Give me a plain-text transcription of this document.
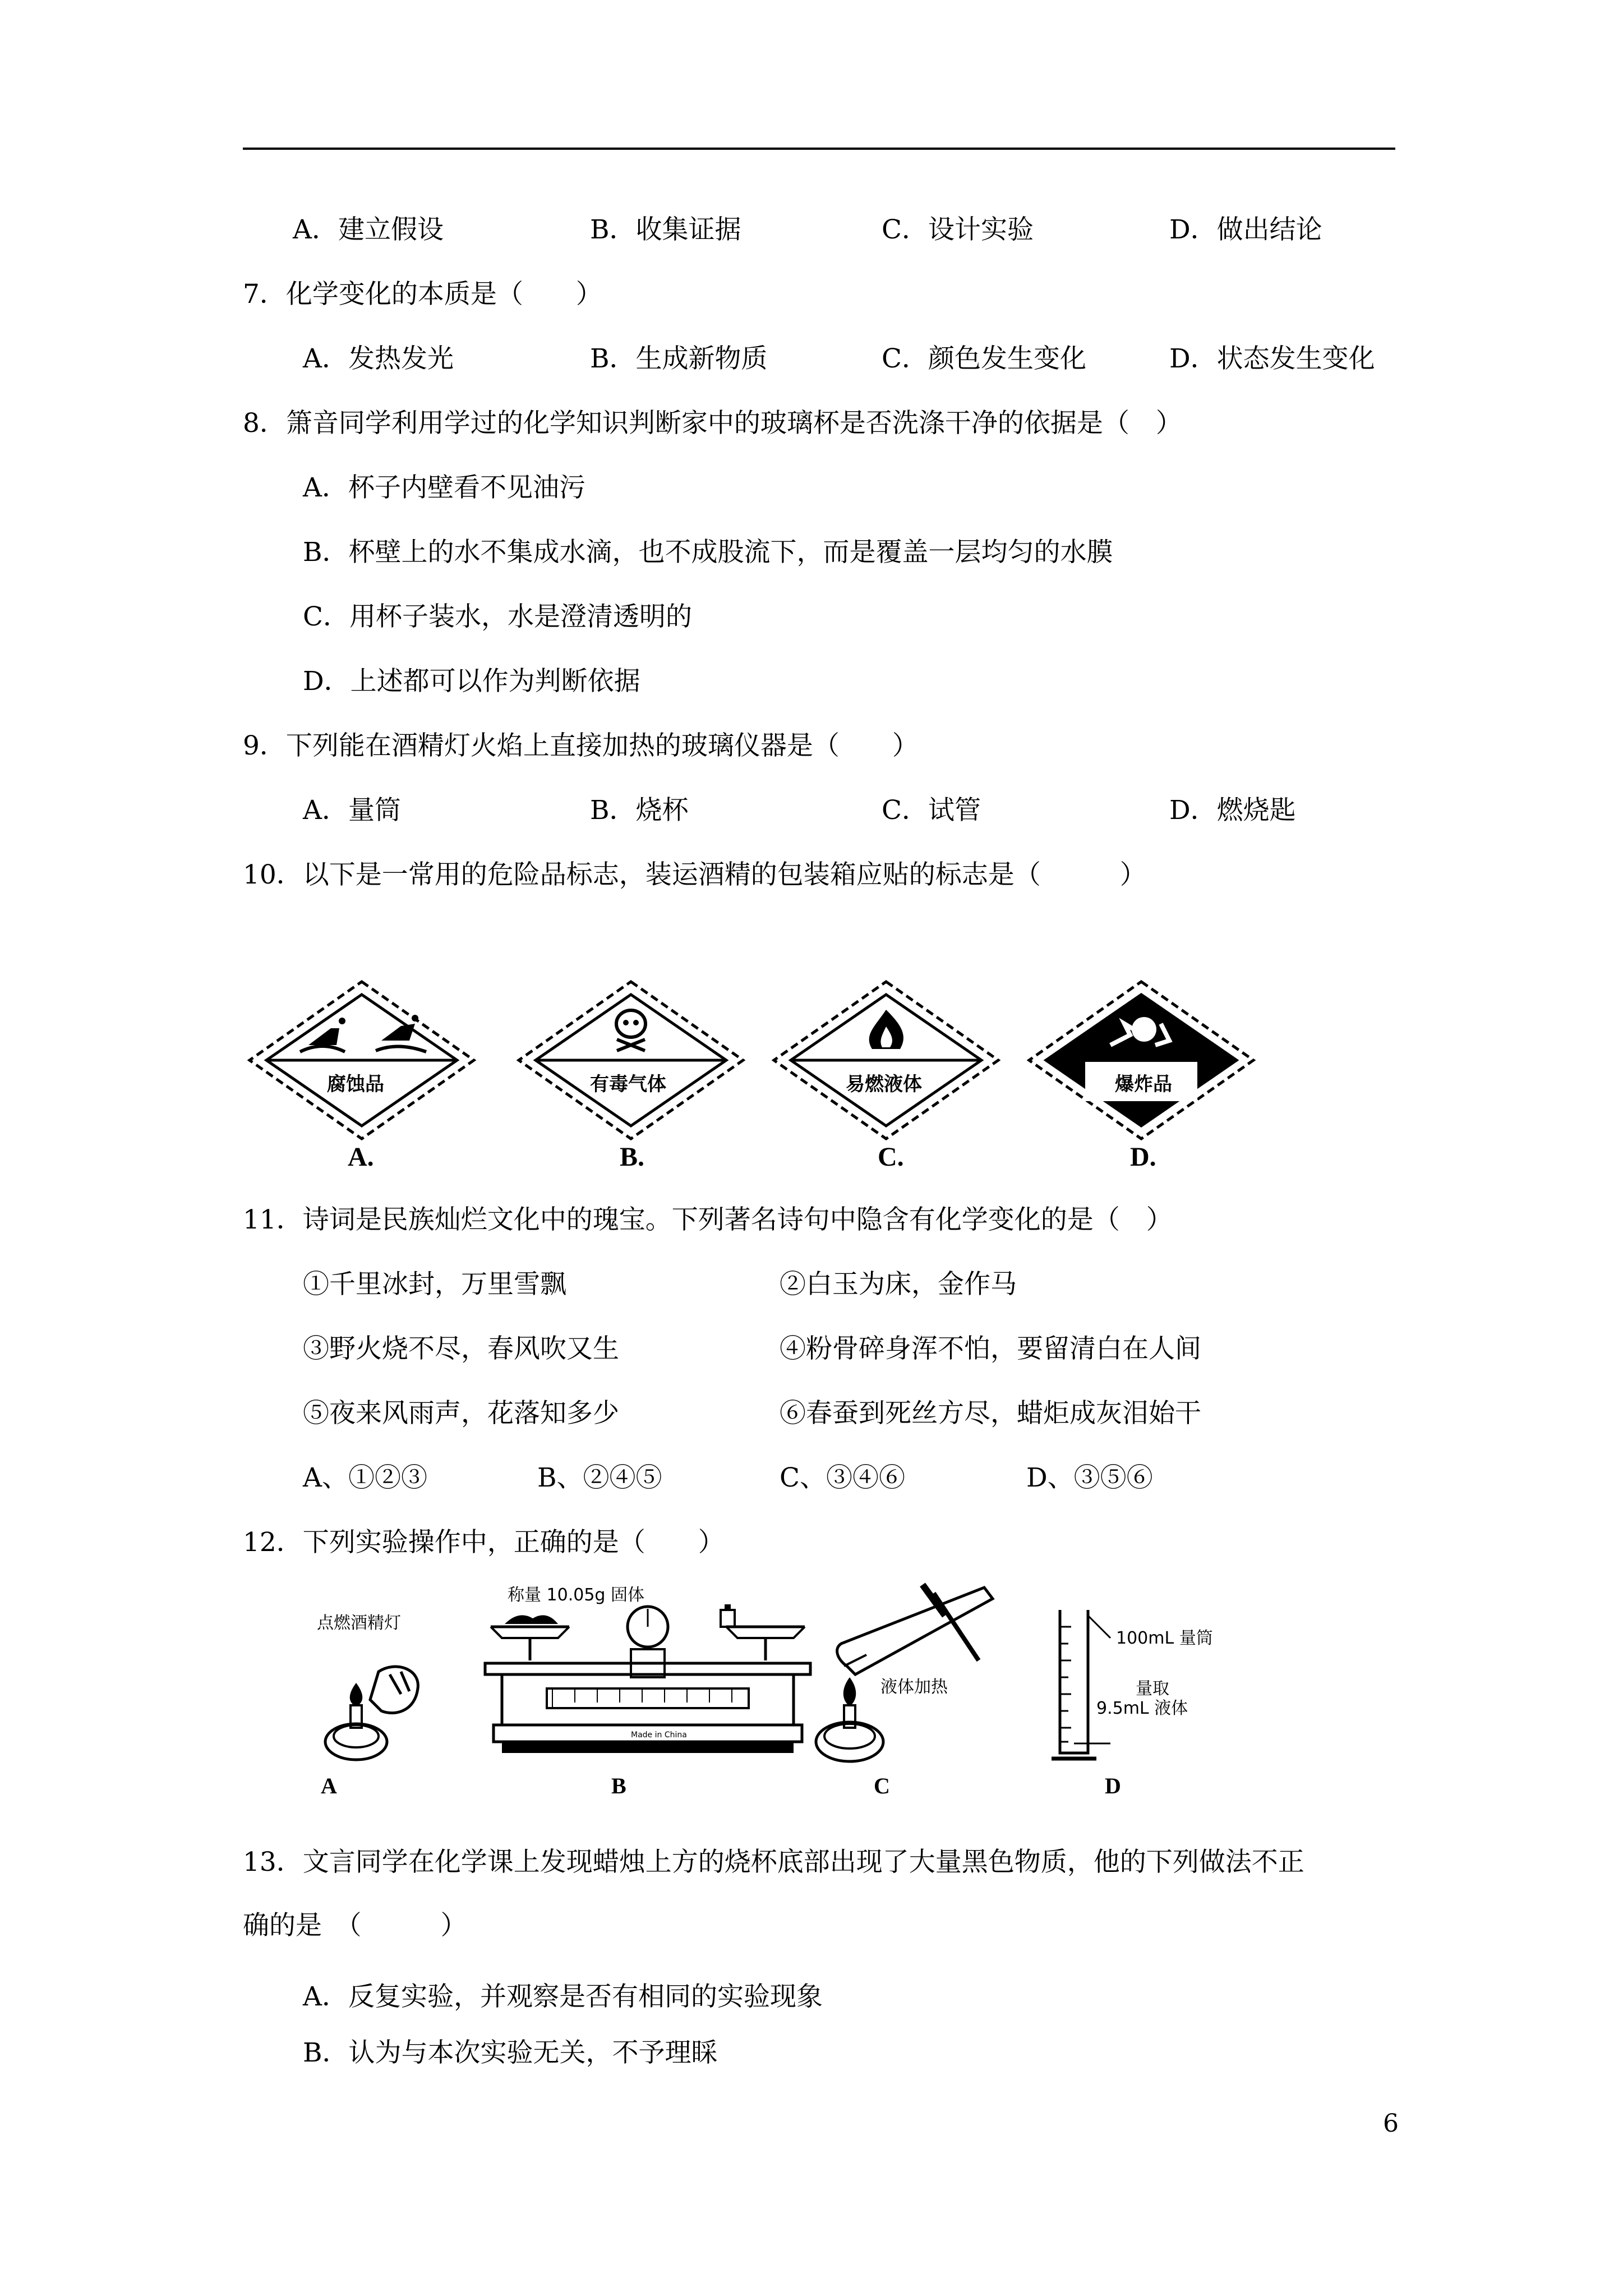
A．建立假设	B．收集证据	C．设计实验	D．做出结论
7．化学变化的本质是（　　）
A．发热发光	B．生成新物质	C．颜色发生变化	D．状态发生变化
8．箫音同学利用学过的化学知识判断家中的玻璃杯是否洗涤干净的依据是（　）
A．杯子内壁看不见油污
B．杯壁上的水不集成水滴，也不成股流下，而是覆盖一层均匀的水膜
C．用杯子装水，水是澄清透明的
D．上述都可以作为判断依据
9．下列能在酒精灯火焰上直接加热的玻璃仪器是（　　）
A．量筒	B．烧杯	C．试管	D．燃烧匙
10．以下是一常用的危险品标志，装运酒精的包装箱应贴的标志是（　　　）
腐蚀品
A.
有毒气体
B.
易燃液体
C.
爆炸品
D.
11．诗词是民族灿烂文化中的瑰宝。下列著名诗句中隐含有化学变化的是（　）
①千里冰封，万里雪飘	②白玉为床，金作马
③野火烧不尽，春风吹又生	④粉骨碎身浑不怕，要留清白在人间
⑤夜来风雨声，花落知多少	⑥春蚕到死丝方尽，蜡炬成灰泪始干
A、①②③	B、②④⑤	C、③④⑥	D、③⑤⑥
12．下列实验操作中，正确的是（　　）
点燃酒精灯
A
称量 10.05g 固体
Made in China
B
液体加热
C
100mL 量筒
量取
9.5mL 液体
D
13．文言同学在化学课上发现蜡烛上方的烧杯底部出现了大量黑色物质，他的下列做法不正
确的是　（　　　）
A．反复实验，并观察是否有相同的实验现象
B．认为与本次实验无关，不予理睬
6
